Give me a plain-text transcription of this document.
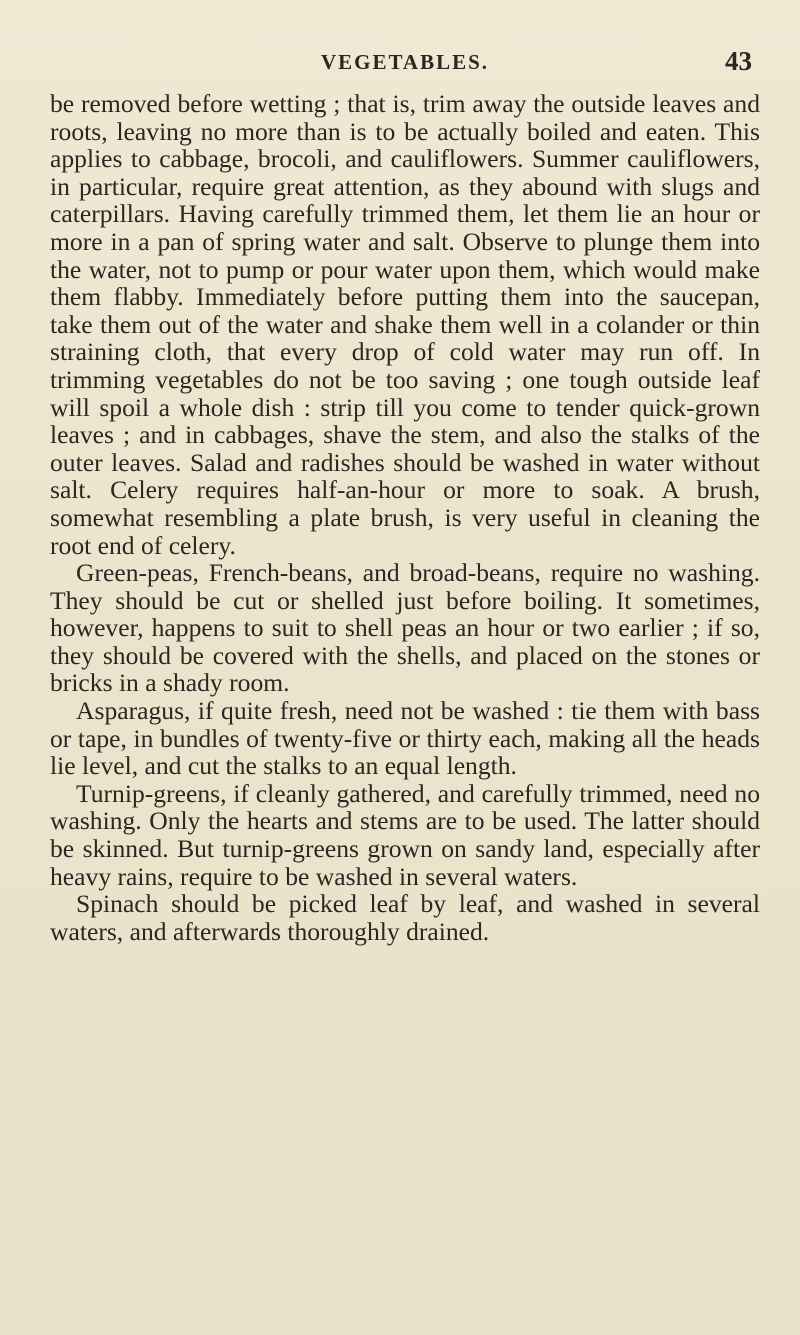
VEGETABLES.	43

be removed before wetting ; that is, trim away the outside leaves and roots, leaving no more than is to be actually boiled and eaten. This applies to cabbage, brocoli, and cauliflowers. Summer cauliflowers, in particular, require great attention, as they abound with slugs and caterpillars. Having carefully trimmed them, let them lie an hour or more in a pan of spring water and salt. Observe to plunge them into the water, not to pump or pour water upon them, which would make them flabby. Immediately before putting them into the saucepan, take them out of the water and shake them well in a colander or thin straining cloth, that every drop of cold water may run off. In trimming vegetables do not be too saving ; one tough outside leaf will spoil a whole dish : strip till you come to tender quick-grown leaves ; and in cabbages, shave the stem, and also the stalks of the outer leaves. Salad and radishes should be washed in water without salt. Celery requires half-an-hour or more to soak. A brush, somewhat resembling a plate brush, is very useful in cleaning the root end of celery.

Green-peas, French-beans, and broad-beans, require no washing. They should be cut or shelled just before boiling. It sometimes, however, happens to suit to shell peas an hour or two earlier ; if so, they should be covered with the shells, and placed on the stones or bricks in a shady room.

Asparagus, if quite fresh, need not be washed : tie them with bass or tape, in bundles of twenty-five or thirty each, making all the heads lie level, and cut the stalks to an equal length.

Turnip-greens, if cleanly gathered, and carefully trimmed, need no washing. Only the hearts and stems are to be used. The latter should be skinned. But turnip-greens grown on sandy land, especially after heavy rains, require to be washed in several waters.

Spinach should be picked leaf by leaf, and washed in several waters, and afterwards thoroughly drained.
